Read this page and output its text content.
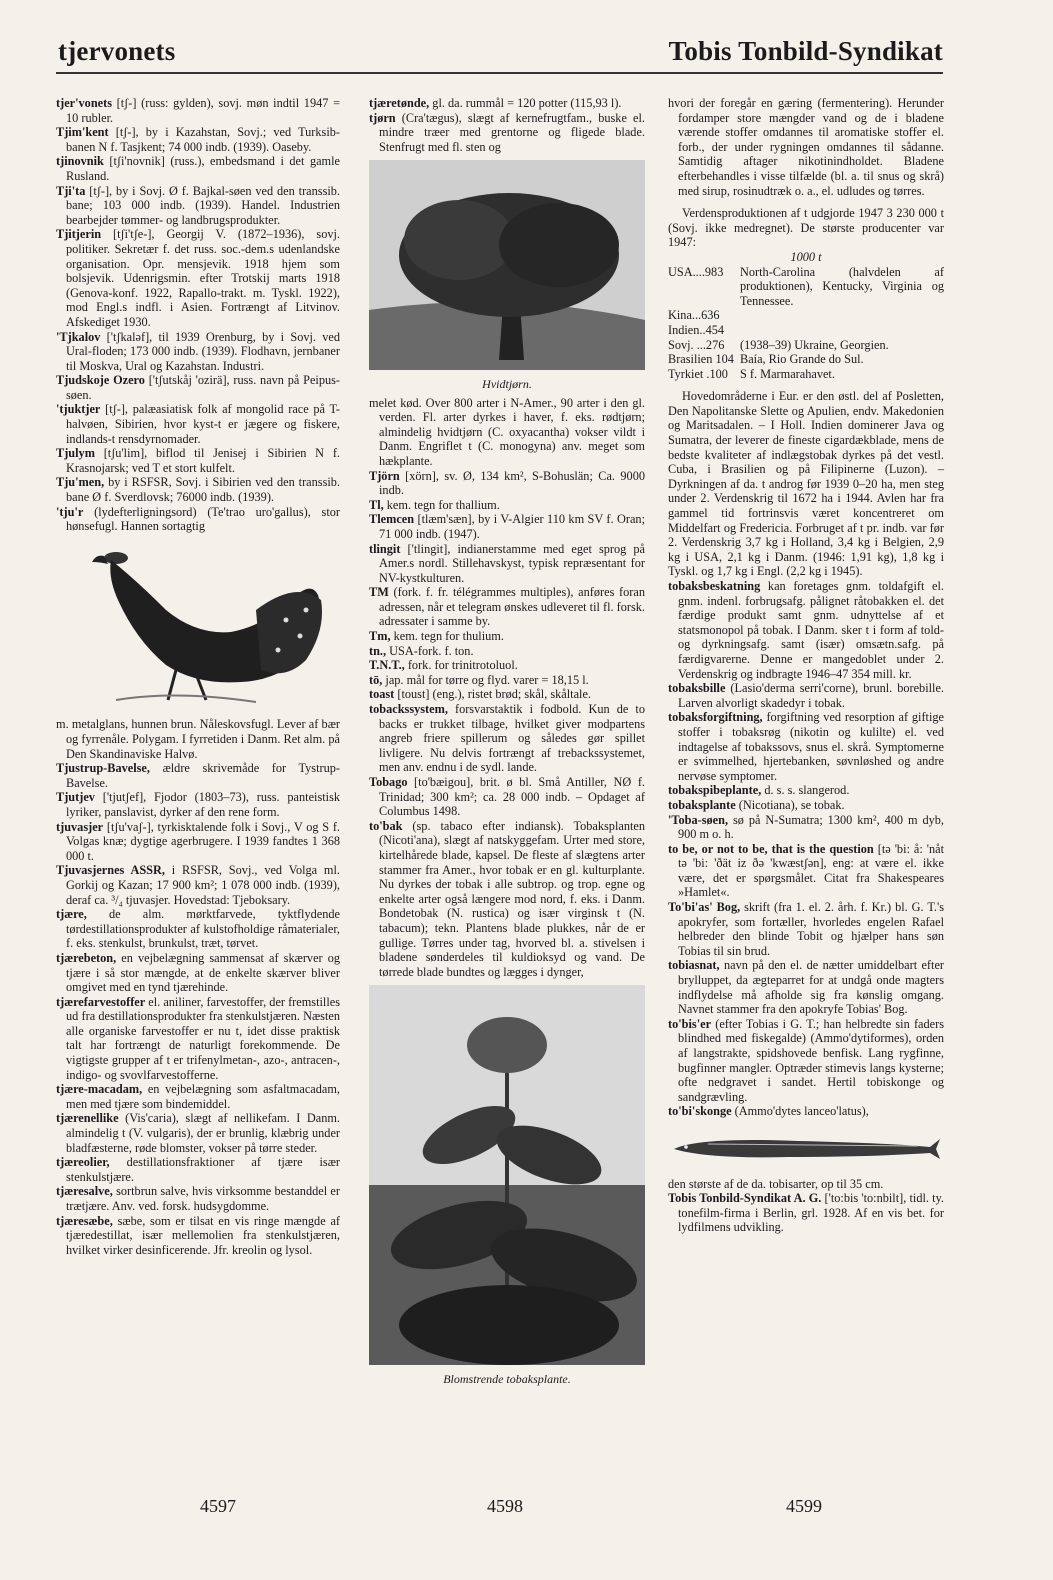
tjervonets	Tobis Tonbild-Syndikat
tjer'vonets [tʃ-] (russ: gylden), sovj. møn indtil 1947 = 10 rubler.
Tjim'kent [tʃ-], by i Kazahstan, Sovj.; ved Turksib-banen N f. Tasjkent; 74 000 indb. (1939). Oaseby.
tjinovnik [tʃi'novnik] (russ.), embedsmand i det gamle Rusland.
Tji'ta [tʃ-], by i Sovj. Ø f. Bajkal-søen ved den transsib. bane; 103 000 indb. (1939). Handel. Industrien bearbejder tømmer- og landbrugsprodukter.
Tjitjerin [tʃi'tʃe-], Georgij V. (1872–1936), sovj. politiker. Sekretær f. det russ. soc.-dem.s udenlandske organisation. Opr. mensjevik. 1918 hjem som bolsjevik. Udenrigsmin. efter Trotskij marts 1918 (Genova-konf. 1922, Rapallo-trakt. m. Tyskl. 1922), mod Engl.s indfl. i Asien. Fortrængt af Litvinov. Afskediget 1930.
'Tjkalov ['tʃkaləf], til 1939 Orenburg, by i Sovj. ved Ural-floden; 173 000 indb. (1939). Flodhavn, jernbaner til Moskva, Ural og Kazahstan. Industri.
Tjudskoje Ozero ['tʃutskåj 'ozirä], russ. navn på Peipus-søen.
'tjuktjer [tʃ-], palæasiatisk folk af mongolid race på T-halvøen, Sibirien, hvor kyst-t er jægere og fiskere, indlands-t rensdyrnomader.
Tjulym [tʃu'lim], biflod til Jenisej i Sibirien N f. Krasnojarsk; ved T et stort kulfelt.
Tju'men, by i RSFSR, Sovj. i Sibirien ved den transsib. bane Ø f. Sverdlovsk; 76000 indb. (1939).
'tju'r (lydefterligningsord) (Te'trao uro'gallus), stor hønsefugl. Hannen sortagtig
m. metalglans, hunnen brun. Nåleskovsfugl. Lever af bær og fyrrenåle. Polygam. I fyrretiden i Danm. Ret alm. på Den Skandinaviske Halvø.
Tjustrup-Bavelse, ældre skrivemåde for Tystrup-Bavelse.
Tjutjev ['tjutʃef], Fjodor (1803–73), russ. panteistisk lyriker, panslavist, dyrker af den rene form.
tjuvasjer [tʃu'vaʃ-], tyrkisktalende folk i Sovj., V og S f. Volgas knæ; dygtige agerbrugere. I 1939 fandtes 1 368 000 t.
Tjuvasjernes ASSR, i RSFSR, Sovj., ved Volga ml. Gorkij og Kazan; 17 900 km²; 1 078 000 indb. (1939), deraf ca. ³/₄ tjuvasjer. Hovedstad: Tjeboksary.
tjære, de alm. mørktfarvede, tyktflydende tørdestillationsprodukter af kulstofholdige råmaterialer, f. eks. stenkulst, brunkulst, træt, tørvet.
tjærebeton, en vejbelægning sammensat af skærver og tjære i så stor mængde, at de enkelte skærver bliver omgivet med en tynd tjærehinde.
tjærefarvestoffer el. aniliner, farvestoffer, der fremstilles ud fra destillationsprodukter fra stenkulstjæren. Næsten alle organiske farvestoffer er nu t, idet disse praktisk talt har fortrængt de naturligt forekommende. De vigtigste grupper af t er trifenylmetan-, azo-, antracen-, indigo- og svovlfarvestofferne.
tjære-macadam, en vejbelægning som asfaltmacadam, men med tjære som bindemiddel.
tjærenellike (Vis'caria), slægt af nellikefam. I Danm. almindelig t (V. vulgaris), der er brunlig, klæbrig under bladfæsterne, røde blomster, vokser på tørre steder.
tjæreolier, destillationsfraktioner af tjære især stenkulstjære.
tjæresalve, sortbrun salve, hvis virksomme bestanddel er trætjære. Anv. ved. forsk. hudsygdomme.
tjæresæbe, sæbe, som er tilsat en vis ringe mængde af tjæredestillat, især mellemolien fra stenkulstjæren, hvilket virker desinficerende. Jfr. kreolin og lysol.
tjæretønde, gl. da. rummål = 120 potter (115,93 l).
tjørn (Cra'tægus), slægt af kernefrugtfam., buske el. mindre træer med grentorne og fligede blade. Stenfrugt med fl. sten og
Hvidtjørn.
melet kød. Over 800 arter i N-Amer., 90 arter i den gl. verden. Fl. arter dyrkes i haver, f. eks. rødtjørn; almindelig hvidtjørn (C. oxyacantha) vokser vildt i Danm. Engriflet t (C. monogyna) anv. meget som hækplante.
Tjörn [xörn], sv. Ø, 134 km², S-Bohuslän; Ca. 9000 indb.
Tl, kem. tegn for thallium.
Tlemcen [tlæm'sæn], by i V-Algier 110 km SV f. Oran; 71 000 indb. (1947).
tlingit ['tlingit], indianerstamme med eget sprog på Amer.s nordl. Stillehavskyst, typisk repræsentant for NV-kystkulturen.
TM (fork. f. fr. télégrammes multiples), anføres foran adressen, når et telegram ønskes udleveret til fl. forsk. adressater i samme by.
Tm, kem. tegn for thulium.
tn., USA-fork. f. ton.
T.N.T., fork. for trinitrotoluol.
tō, jap. mål for tørre og flyd. varer = 18,15 l.
toast [toust] (eng.), ristet brød; skål, skåltale.
tobackssystem, forsvarstaktik i fodbold. Kun de to backs er trukket tilbage, hvilket giver modpartens angreb friere spillerum og således gør spillet livligere. Nu delvis fortrængt af trebackssystemet, men anv. endnu i de sydl. lande.
Tobago [to'bæigou], brit. ø bl. Små Antiller, NØ f. Trinidad; 300 km²; ca. 28 000 indb. – Opdaget af Columbus 1498.
to'bak (sp. tabaco efter indiansk). Tobaksplanten (Nicoti'ana), slægt af natskyggefam. Urter med store, kirtelhårede blade, kapsel. De fleste af slægtens arter stammer fra Amer., hvor tobak er en gl. kulturplante. Nu dyrkes der tobak i alle subtrop. og trop. egne og enkelte arter også længere mod nord, f. eks. i Danm. Bondetobak (N. rustica) og især virginsk t (N. tabacum); tekn. Plantens blade plukkes, når de er gullige. Tørres under tag, hvorved bl. a. stivelsen i bladene sønderdeles til kuldioksyd og vand. De tørrede blade bundtes og lægges i dynger,
Blomstrende tobaksplante.
hvori der foregår en gæring (fermentering). Herunder fordamper store mængder vand og de i bladene værende stoffer omdannes til aromatiske stoffer el. forb., der under rygningen omdannes til sådanne. Samtidig aftager nikotinindholdet. Bladene efterbehandles i visse tilfælde (bl. a. til snus og skrå) med sirup, rosinudtræk o. a., el. udludes og tørres.

Verdensproduktionen af t udgjorde 1947 3 230 000 t (Sovj. ikke medregnet). De største producenter var 1947:

1000 t
USA....983	North-Carolina (halvdelen af produktionen), Kentucky, Virginia og Tennessee.
Kina...636
Indien..454
Sovj. ...276	(1938–39) Ukraine, Georgien.
Brasilien 104 Baía, Rio Grande do Sul.
Tyrkiet .100 S f. Marmarahavet.

Hovedområderne i Eur. er den østl. del af Posletten, Den Napolitanske Slette og Apulien, endv. Makedonien og Maritsadalen. – I Holl. Indien dominerer Java og Sumatra, der leverer de fineste cigardækblade, mens de bedste kvaliteter af indlægstobak dyrkes på det vestl. Cuba, i Brasilien og på Filipinerne (Luzon). – Dyrkningen af da. t androg før 1939 0–20 ha, men steg under 2. Verdenskrig til 1672 ha i 1944. Avlen har fra gammel tid fortrinsvis været koncentreret om Middelfart og Fredericia. Forbruget af t pr. indb. var før 2. Verdenskrig 3,7 kg i Holland, 3,4 kg i Belgien, 2,9 kg i USA, 2,1 kg i Danm. (1946: 1,91 kg), 1,8 kg i Tyskl. og 1,7 kg i Engl. (2,2 kg i 1945).

tobaksbeskatning kan foretages gnm. toldafgift el. gnm. indenl. forbrugsafg. pålignet råtobakken el. det færdige produkt samt gnm. udnyttelse af et statsmonopol på tobak. I Danm. sker t i form af told- og dyrkningsafg. samt (især) omsætn.safg. på færdigvarerne. Denne er mangedoblet under 2. Verdenskrig og indbragte 1946–47 354 mill. kr.
tobaksbille (Lasio'derma serri'corne), brunl. borebille. Larven alvorligt skadedyr i tobak.
tobaksforgiftning, forgiftning ved resorption af giftige stoffer i tobaksrøg (nikotin og kulilte) el. ved indtagelse af tobakssovs, snus el. skrå. Symptomerne er svimmelhed, hjertebanken, søvnløshed og andre nervøse symptomer.
tobakspibeplante, d. s. s. slangerod.
tobaksplante (Nicotiana), se tobak.
'Toba-søen, sø på N-Sumatra; 1300 km², 400 m dyb, 900 m o. h.
to be, or not to be, that is the question [tə 'bi: å: 'nåt tə 'bi: 'ðät iz ðə 'kwæstʃən], eng: at være el. ikke være, det er spørgsmålet. Citat fra Shakespeares »Hamlet«.
To'bi'as' Bog, skrift (fra 1. el. 2. årh. f. Kr.) bl. G. T.'s apokryfer, som fortæller, hvorledes engelen Rafael helbreder den blinde Tobit og hjælper hans søn Tobias til sin brud.
tobiasnat, navn på den el. de nætter umiddelbart efter brylluppet, da ægteparret for at undgå onde magters indflydelse må afholde sig fra kønslig omgang. Navnet stammer fra den apokryfe Tobias' Bog.
to'bis'er (efter Tobias i G. T.; han helbredte sin faders blindhed med fiskegalde) (Ammo'dytiformes), orden af langstrakte, spidshovede benfisk. Lang rygfinne, bugfinner mangler. Optræder stimevis langs kysterne; ofte nedgravet i sandet. Hertil tobiskonge og sandgrævling.
to'bi'skonge (Ammo'dytes lanceo'latus),
den største af de da. tobisarter, op til 35 cm.
Tobis Tonbild-Syndikat A. G. ['to:bis 'to:nbilt], tidl. ty. tonefilm-firma i Berlin, grl. 1928. Af en vis bet. for lydfilmens udvikling.
4597	4598	4599
